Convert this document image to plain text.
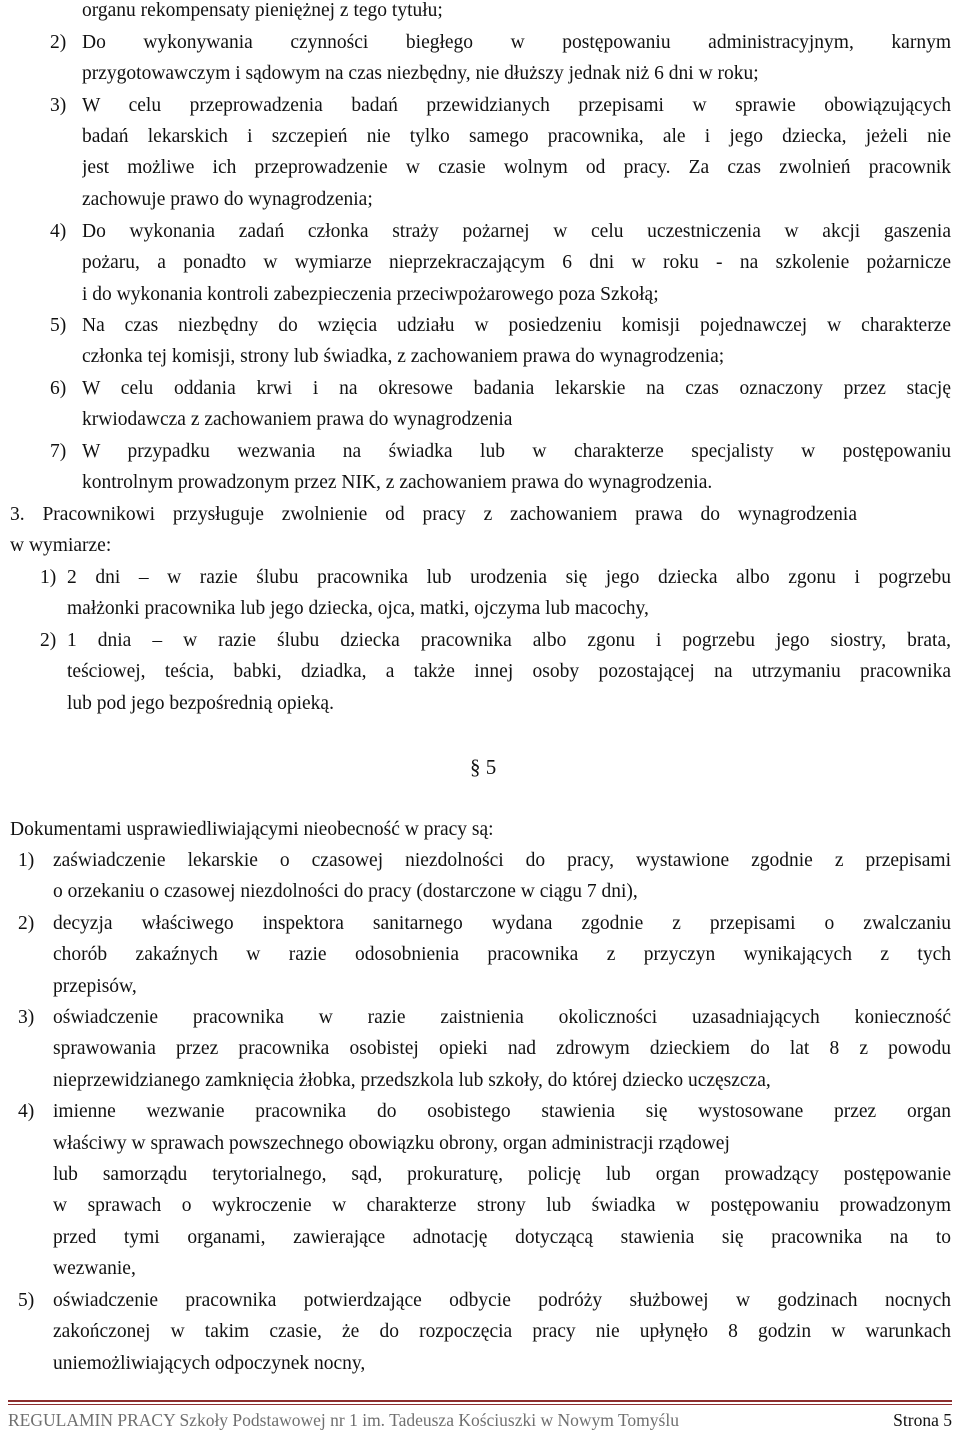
organu rekompensaty pieniężnej z tego tytułu;
2) Do wykonywania czynności biegłego w postępowaniu administracyjnym, karnym
przygotowawczym i sądowym na czas niezbędny, nie dłuższy jednak niż 6 dni w roku;
3) W celu przeprowadzenia badań przewidzianych przepisami w sprawie obowiązujących
badań lekarskich i szczepień nie tylko samego pracownika, ale i jego dziecka, jeżeli nie
jest możliwe ich przeprowadzenie w czasie wolnym od pracy. Za czas zwolnień pracownik
zachowuje prawo do wynagrodzenia;
4) Do wykonania zadań członka straży pożarnej w celu uczestniczenia w akcji gaszenia
pożaru, a ponadto w wymiarze nieprzekraczającym 6 dni w roku - na szkolenie pożarnicze
i do wykonania kontroli zabezpieczenia przeciwpożarowego poza Szkołą;
5) Na czas niezbędny do wzięcia udziału w posiedzeniu komisji pojednawczej w charakterze
członka tej komisji, strony lub świadka, z zachowaniem prawa do wynagrodzenia;
6) W celu oddania krwi i na okresowe badania lekarskie na czas oznaczony przez stację
krwiodawcza z zachowaniem prawa do wynagrodzenia
7) W przypadku wezwania na świadka lub w charakterze specjalisty w postępowaniu
kontrolnym prowadzonym przez NIK, z zachowaniem prawa do wynagrodzenia.
3. Pracownikowi przysługuje zwolnienie od pracy z zachowaniem prawa do wynagrodzenia
w wymiarze:
1) 2 dni – w razie ślubu pracownika lub urodzenia się jego dziecka albo zgonu i pogrzebu
małżonki pracownika lub jego dziecka, ojca, matki, ojczyma lub macochy,
2) 1 dnia – w razie ślubu dziecka pracownika albo zgonu i pogrzebu jego siostry, brata,
teściowej, teścia, babki, dziadka, a także innej osoby pozostającej na utrzymaniu pracownika
lub pod jego bezpośrednią opieką.
§ 5
Dokumentami usprawiedliwiającymi nieobecność w pracy są:
1) zaświadczenie lekarskie o czasowej niezdolności do pracy, wystawione zgodnie z przepisami
o orzekaniu o czasowej niezdolności do pracy (dostarczone w ciągu 7 dni),
2) decyzja właściwego inspektora sanitarnego wydana zgodnie z przepisami o zwalczaniu
chorób zakaźnych w razie odosobnienia pracownika z przyczyn wynikających z tych
przepisów,
3) oświadczenie pracownika w razie zaistnienia okoliczności uzasadniających konieczność
sprawowania przez pracownika osobistej opieki nad zdrowym dzieckiem do lat 8 z powodu
nieprzewidzianego zamknięcia żłobka, przedszkola lub szkoły, do której dziecko uczęszcza,
4) imienne wezwanie pracownika do osobistego stawienia się wystosowane przez organ
właściwy w sprawach powszechnego obowiązku obrony, organ administracji rządowej
lub samorządu terytorialnego, sąd, prokuraturę, policję lub organ prowadzący postępowanie
w sprawach o wykroczenie w charakterze strony lub świadka w postępowaniu prowadzonym
przed tymi organami, zawierające adnotację dotyczącą stawienia się pracownika na to
wezwanie,
5) oświadczenie pracownika potwierdzające odbycie podróży służbowej w godzinach nocnych
zakończonej w takim czasie, że do rozpoczęcia pracy nie upłynęło 8 godzin w warunkach
uniemożliwiających odpoczynek nocny,
REGULAMIN PRACY Szkoły Podstawowej nr 1 im. Tadeusza Kościuszki w Nowym Tomyślu	Strona 5
